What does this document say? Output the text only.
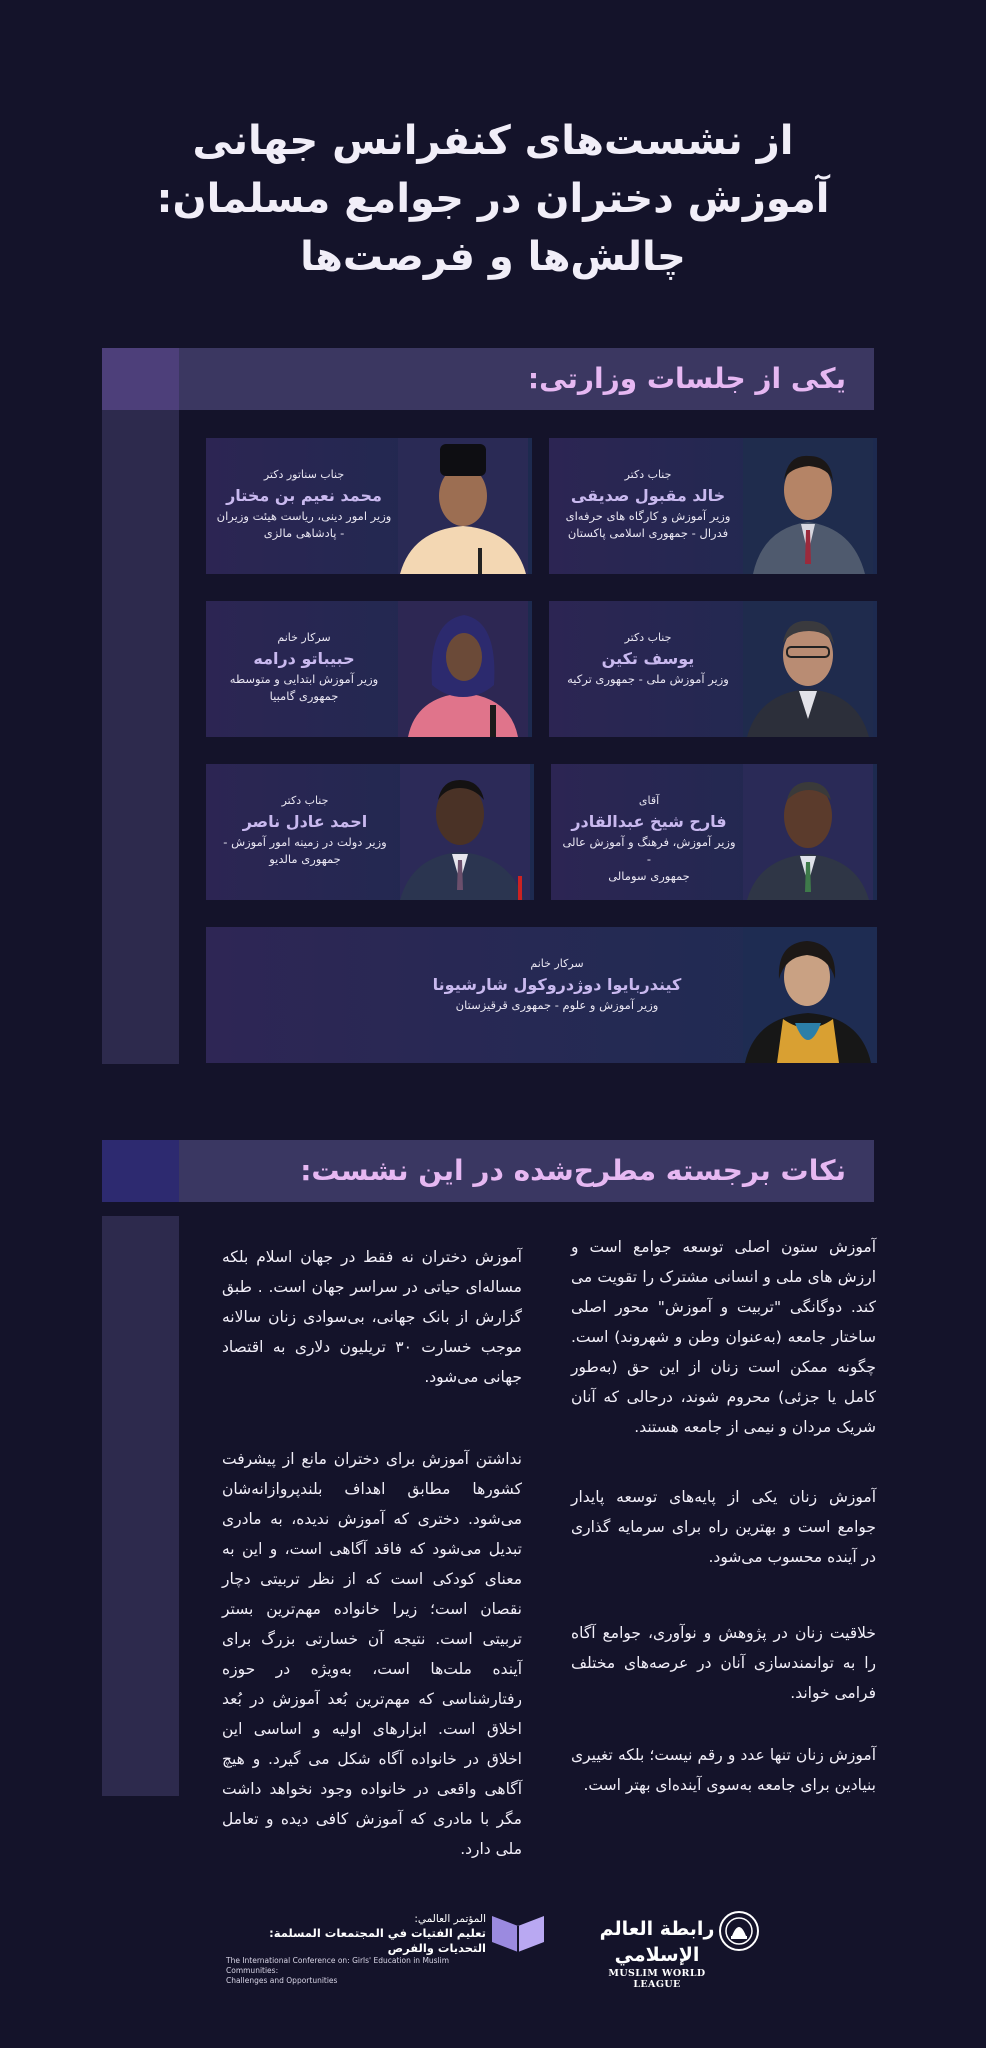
از نشست‌های کنفرانس جهانی
آموزش دختران در جوامع مسلمان:
چالش‌ها و فرصت‌ها
یکی از جلسات وزارتی:
جناب دکتر
خالد مقبول صدیقی
وزیر آموزش و کارگاه های حرفه‌ای
فدرال - جمهوری اسلامی پاکستان
جناب سناتور دکتر
محمد نعیم بن مختار
وزیر امور دینی، ریاست هیئت وزیران
- پادشاهی مالزی
جناب دکتر
یوسف تکین
وزیر آموزش ملی - جمهوری ترکیه
سرکار خانم
حبیباتو درامه
وزیر آموزش ابتدایی و متوسطه
جمهوری گامبیا
آقای
فارح شیخ عبدالقادر
وزیر آموزش، فرهنگ و آموزش عالی -
جمهوری سومالی
جناب دکتر
احمد عادل ناصر
وزیر دولت در زمینه امور آموزش -
جمهوری مالدیو
سرکار خانم
کیندربایوا دوژدروکول شارشیونا
وزیر آموزش و علوم - جمهوری قرقیزستان
نکات برجسته مطرح‌شده در این نشست:
آموزش ستون اصلی توسعه جوامع است و ارزش های ملی و انسانی مشترک را تقویت می کند. دوگانگی "تربیت و آموزش" محور اصلی ساختار جامعه (به‌عنوان وطن و شهروند) است. چگونه ممکن است زنان از این حق (به‌طور کامل یا جزئی) محروم شوند، درحالی که آنان شریک مردان و نیمی از جامعه هستند.
آموزش زنان یکی از پایه‌های توسعه پایدار جوامع است و بهترین راه برای سرمایه گذاری در آینده محسوب می‌شود.
خلاقیت زنان در پژوهش و نوآوری، جوامع آگاه را به توانمندسازی آنان در عرصه‌های مختلف فرامی خواند.
آموزش زنان تنها عدد و رقم نیست؛ بلکه تغییری بنیادین برای جامعه به‌سوی آینده‌ای بهتر است.
آموزش دختران نه فقط در جهان اسلام بلکه مساله‌ای حیاتی در سراسر جهان است. . طبق گزارش از بانک جهانی، بی‌سوادی زنان سالانه موجب خسارت ۳۰ تریلیون دلاری به اقتصاد جهانی می‌شود.
نداشتن آموزش برای دختران مانع از پیشرفت کشورها مطابق اهداف بلندپروازانه‌شان می‌شود. دختری که آموزش ندیده، به مادری تبدیل می‌شود که فاقد آگاهی است، و این به معنای کودکی است که از نظر تربیتی دچار نقصان است؛ زیرا خانواده مهم‌ترین بستر تربیتی است. نتیجه آن خسارتی بزرگ برای آینده ملت‌ها است، به‌ویژه در حوزه رفتارشناسی که مهم‌ترین بُعد آموزش در بُعد اخلاق است. ابزارهای اولیه و اساسی این اخلاق در خانواده آگاه شکل می گیرد. و هیچ آگاهی واقعی در خانواده وجود نخواهد داشت مگر با مادری که آموزش کافی دیده و تعامل ملی دارد.
رابطة العالم الإسلامي
MUSLIM WORLD LEAGUE
المؤتمر العالمي:
تعليم الفتيات في المجتمعات المسلمة: التحديات والفرص
The International Conference on: Girls' Education in Muslim Communities:
Challenges and Opportunities
